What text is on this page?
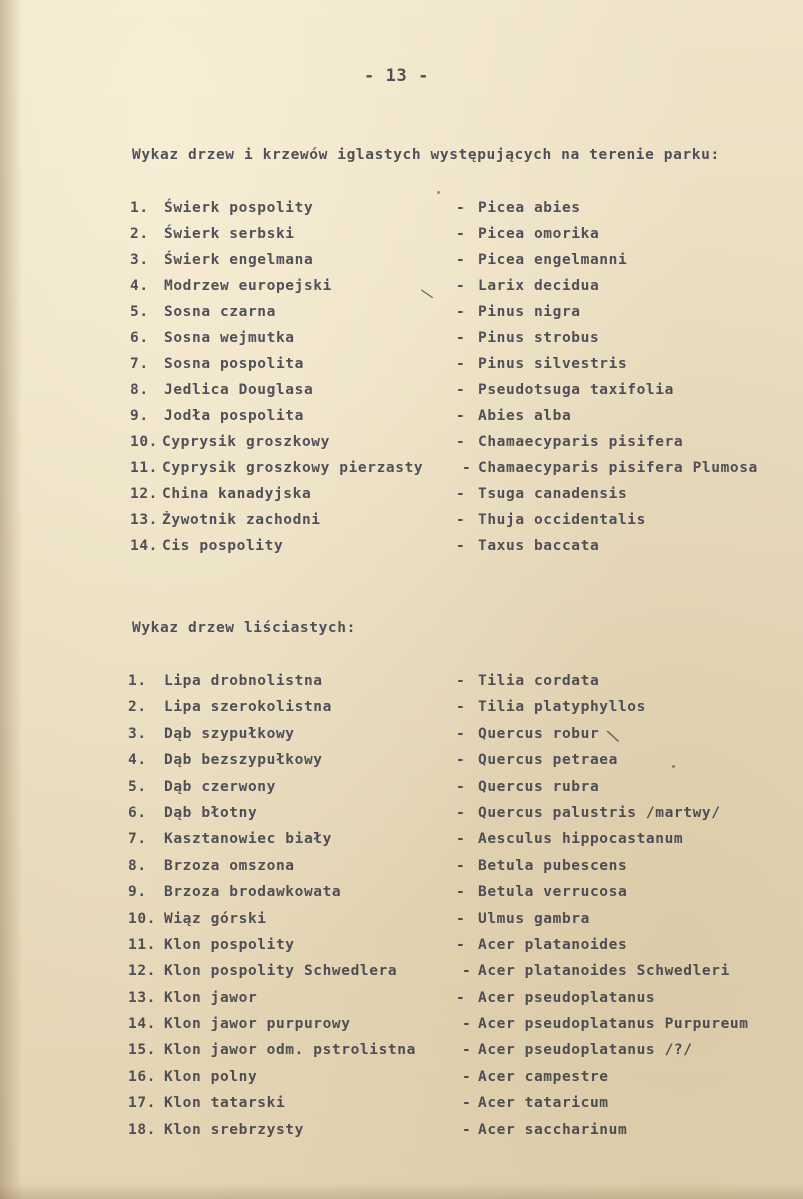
- 13 -
Wykaz drzew i krzewów iglastych występujących na terenie parku:
1. Świerk pospolity	- Picea abies
2. Świerk serbski	- Picea omorika
3. Świerk engelmana	- Picea engelmanni
4. Modrzew europejski	- Larix decidua
5. Sosna czarna	- Pinus nigra
6. Sosna wejmutka	- Pinus strobus
7. Sosna pospolita	- Pinus silvestris
8. Jedlica Douglasa	- Pseudotsuga taxifolia
9. Jodła pospolita	- Abies alba
10. Cyprysik groszkowy	- Chamaecyparis pisifera
11. Cyprysik groszkowy pierzasty	- Chamaecyparis pisifera Plumosa
12. China kanadyjska	- Tsuga canadensis
13. Żywotnik zachodni	- Thuja occidentalis
14. Cis pospolity	- Taxus baccata
Wykaz drzew liściastych:
1. Lipa drobnolistna	- Tilia cordata
2. Lipa szerokolistna	- Tilia platyphyllos
3. Dąb szypułkowy	- Quercus robur
4. Dąb bezszypułkowy	- Quercus petraea
5. Dąb czerwony	- Quercus rubra
6. Dąb błotny	- Quercus palustris /martwy/
7. Kasztanowiec biały	- Aesculus hippocastanum
8. Brzoza omszona	- Betula pubescens
9. Brzoza brodawkowata	- Betula verrucosa
10. Wiąz górski	- Ulmus gambra
11. Klon pospolity	- Acer platanoides
12. Klon pospolity Schwedlera	- Acer platanoides Schwedleri
13. Klon jawor	- Acer pseudoplatanus
14. Klon jawor purpurowy	- Acer pseudoplatanus Purpureum
15. Klon jawor odm. pstrolistna	- Acer pseudoplatanus /?/
16. Klon polny	- Acer campestre
17. Klon tatarski	- Acer tataricum
18. Klon srebrzysty	- Acer saccharinum
\
\
